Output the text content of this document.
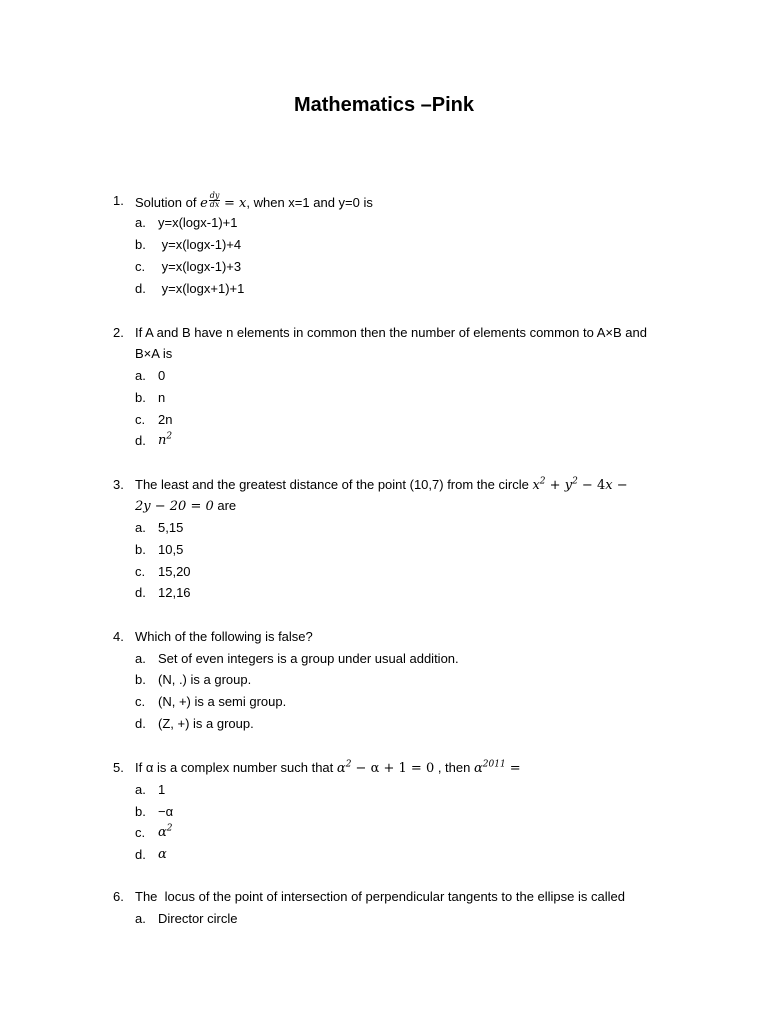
Mathematics –Pink
1. Solution of e $\frac{dy}{dx} = x$, when x=1 and y=0 is
a. y=x(logx-1)+1
b. y=x(logx-1)+4
c. y=x(logx-1)+3
d. y=x(logx+1)+1
2. If A and B have n elements in common then the number of elements common to A×B and
B×A is
a. 0
b. n
c. 2n
d. $n^2$
3. The least and the greatest distance of the point (10,7) from the circle $x^2 + y^2 - 4x$ −
2y − 20 = 0 are
a. 5,15
b. 10,5
c. 15,20
d. 12,16
4. Which of the following is false?
a. Set of even integers is a group under usual addition.
b. (N, .) is a group.
c. (N, +) is a semi group.
d. (Z, +) is a group.
5. If α is a complex number such that $\alpha^2 - \alpha + 1 = 0$ , then $\alpha^{2011}$ =
a. 1
b. −α
c. $\alpha^2$
d. α
6. The  locus of the point of intersection of perpendicular tangents to the ellipse is called
a. Director circle
